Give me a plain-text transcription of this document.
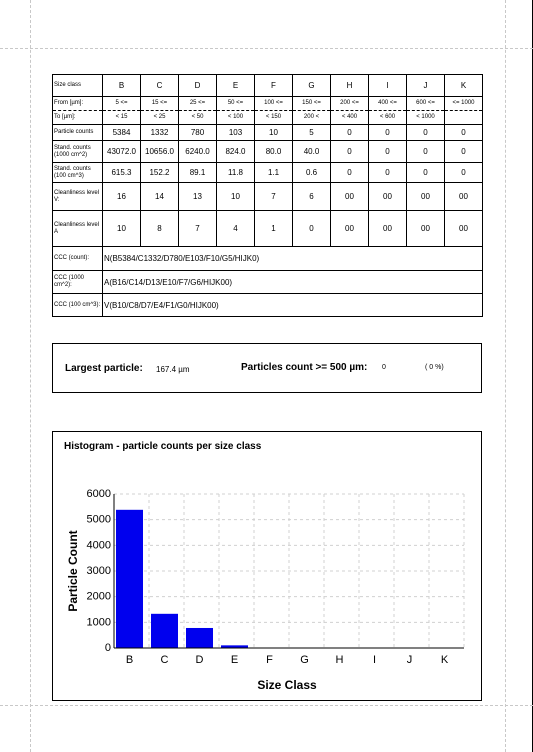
Size class	B	C	D	E	F	G	H	I	J	K
From [µm]:	5 <=	15 <=	25 <=	50 <=	100 <=	150 <=	200 <=	400 <=	600 <=	<= 1000
To [µm]:	< 15	< 25	< 50	< 100	< 150	200 <	< 400	< 600	< 1000	
Particle counts	5384	1332	780	103	10	5	0	0	0	0
Stand. counts (1000 cm^2)	43072.0	10656.0	6240.0	824.0	80.0	40.0	0	0	0	0
Stand. counts (100 cm^3)	615.3	152.2	89.1	11.8	1.1	0.6	0	0	0	0
Cleanliness level V:	16	14	13	10	7	6	00	00	00	00
Cleanliness level A	10	8	7	4	1	0	00	00	00	00
CCC (count):	N(B5384/C1332/D780/E103/F10/G5/HIJK0)									
CCC (1000 cm^2):	A(B16/C14/D13/E10/F7/G6/HIJK00)									
CCC (100 cm^3):	V(B10/C8/D7/E4/F1/G0/HIJK00)									
Largest particle: 167.4 µm	Particles count >= 500 µm: 0	( 0 %)
Histogram - particle counts per size class
0
1000
2000
3000
4000
5000
6000
B C D E	F G H	I	J	K
Size Class
Particle Count
